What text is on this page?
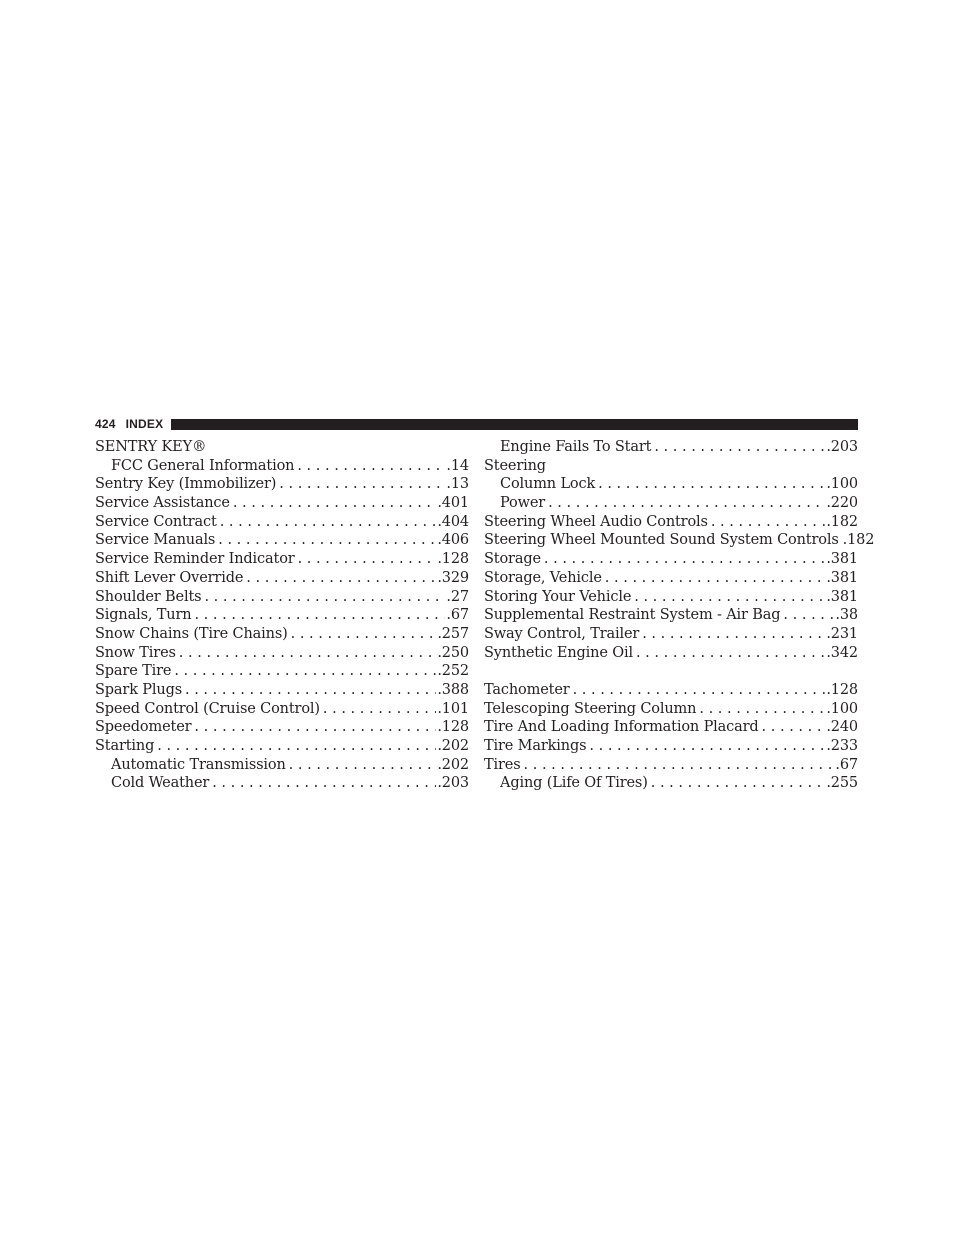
424 INDEX
SENTRY KEY®
FCC General Information . . .	.14
Sentry Key (Immobilizer) . . .	.13
Service Assistance . . .	.401
Service Contract . . .	.404
Service Manuals . . .	.406
Service Reminder Indicator . . .	.128
Shift Lever Override . . .	.329
Shoulder Belts . . .	.27
Signals, Turn . . .	.67
Snow Chains (Tire Chains) . . .	.257
Snow Tires . . .	.250
Spare Tire . . .	.252
Spark Plugs . . .	.388
Speed Control (Cruise Control) . . .	.101
Speedometer . . .	.128
Starting . . .	.202
Automatic Transmission . . .	.202
Cold Weather . . .	.203
Engine Fails To Start . . .	.203
Steering
Column Lock . . .	.100
Power . . .	.220
Steering Wheel Audio Controls . . .	.182
Steering Wheel Mounted Sound System Controls .182
Storage . . .	.381
Storage, Vehicle . . .	.381
Storing Your Vehicle . . .	.381
Supplemental Restraint System - Air Bag . . .	.38
Sway Control, Trailer . . .	.231
Synthetic Engine Oil . . .	.342
Tachometer . . .	.128
Telescoping Steering Column . . .	.100
Tire And Loading Information Placard . . .	.240
Tire Markings . . .	.233
Tires . . .	.67
Aging (Life Of Tires) . . .	.255
